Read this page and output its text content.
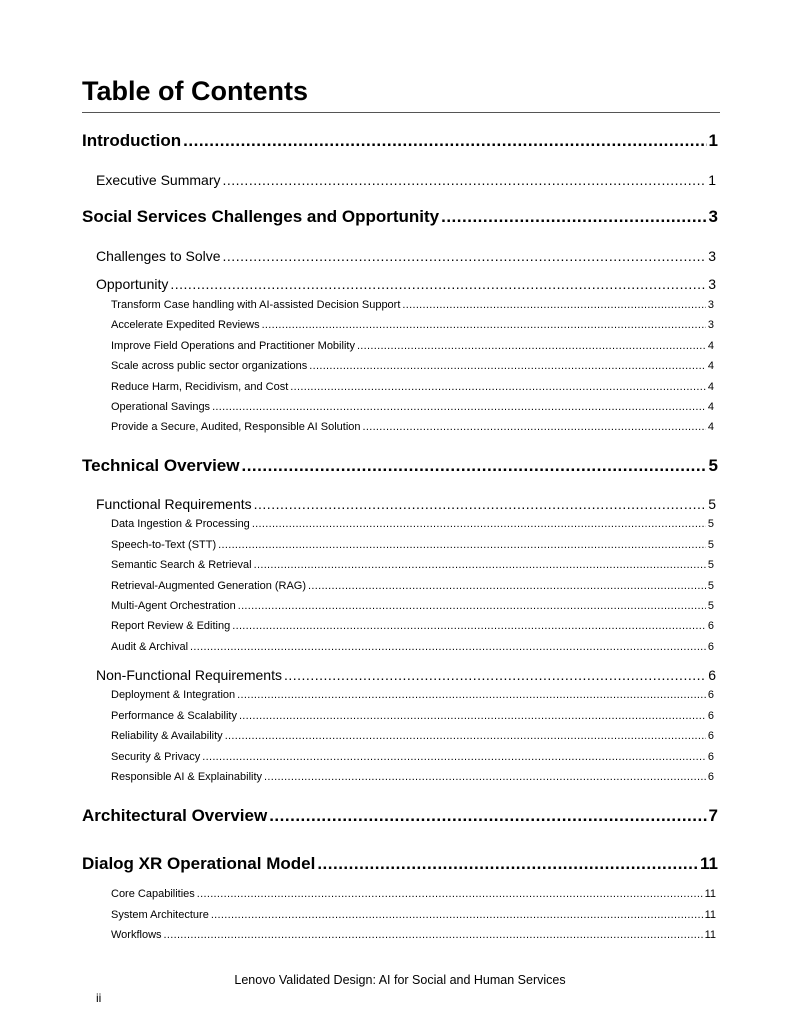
Table of Contents
Introduction .....	1
Executive Summary .....	1
Social Services Challenges and Opportunity .....	3
Challenges to Solve .....	3
Opportunity .....	3
Transform Case handling with AI-assisted Decision Support .....	3
Accelerate Expedited Reviews .....	3
Improve Field Operations and Practitioner Mobility .....	4
Scale across public sector organizations .....	4
Reduce Harm, Recidivism, and Cost .....	4
Operational Savings .....	4
Provide a Secure, Audited, Responsible AI Solution .....	4
Technical Overview .....	5
Functional Requirements .....	5
Data Ingestion & Processing .....	5
Speech-to-Text (STT) .....	5
Semantic Search & Retrieval .....	5
Retrieval-Augmented Generation (RAG) .....	5
Multi-Agent Orchestration .....	5
Report Review & Editing .....	6
Audit & Archival .....	6
Non-Functional Requirements .....	6
Deployment & Integration .....	6
Performance & Scalability .....	6
Reliability & Availability .....	6
Security & Privacy .....	6
Responsible AI & Explainability .....	6
Architectural Overview .....	7
Dialog XR Operational Model .....	11
Core Capabilities .....	11
System Architecture .....	11
Workflows .....	11
Lenovo Validated Design: AI for Social and Human Services
ii
